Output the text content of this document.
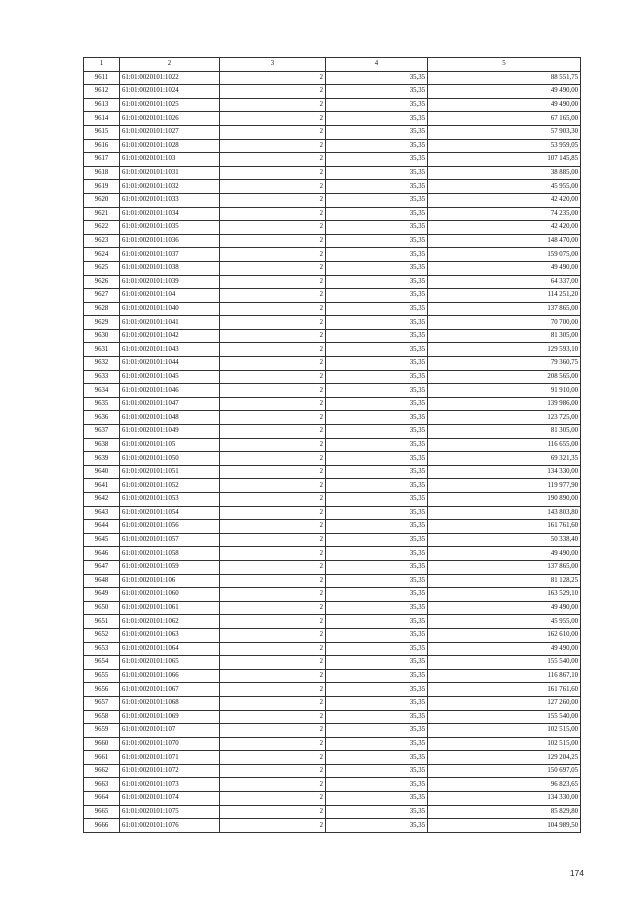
1	2	3	4	5
9611	61:01:0020101:1022	2	35,35	88 551,75
9612	61:01:0020101:1024	2	35,35	49 490,00
9613	61:01:0020101:1025	2	35,35	49 490,00
9614	61:01:0020101:1026	2	35,35	67 165,00
9615	61:01:0020101:1027	2	35,35	57 903,30
9616	61:01:0020101:1028	2	35,35	53 959,05
9617	61:01:0020101:103	2	35,35	107 145,85
9618	61:01:0020101:1031	2	35,35	38 885,00
9619	61:01:0020101:1032	2	35,35	45 955,00
9620	61:01:0020101:1033	2	35,35	42 420,00
9621	61:01:0020101:1034	2	35,35	74 235,00
9622	61:01:0020101:1035	2	35,35	42 420,00
9623	61:01:0020101:1036	2	35,35	148 470,00
9624	61:01:0020101:1037	2	35,35	159 075,00
9625	61:01:0020101:1038	2	35,35	49 490,00
9626	61:01:0020101:1039	2	35,35	64 337,00
9627	61:01:0020101:104	2	35,35	114 251,20
9628	61:01:0020101:1040	2	35,35	137 865,00
9629	61:01:0020101:1041	2	35,35	70 700,00
9630	61:01:0020101:1042	2	35,35	81 305,00
9631	61:01:0020101:1043	2	35,35	129 593,10
9632	61:01:0020101:1044	2	35,35	79 360,75
9633	61:01:0020101:1045	2	35,35	208 565,00
9634	61:01:0020101:1046	2	35,35	91 910,00
9635	61:01:0020101:1047	2	35,35	139 986,00
9636	61:01:0020101:1048	2	35,35	123 725,00
9637	61:01:0020101:1049	2	35,35	81 305,00
9638	61:01:0020101:105	2	35,35	116 655,00
9639	61:01:0020101:1050	2	35,35	69 321,35
9640	61:01:0020101:1051	2	35,35	134 330,00
9641	61:01:0020101:1052	2	35,35	119 977,90
9642	61:01:0020101:1053	2	35,35	190 890,00
9643	61:01:0020101:1054	2	35,35	143 803,80
9644	61:01:0020101:1056	2	35,35	161 761,60
9645	61:01:0020101:1057	2	35,35	50 338,40
9646	61:01:0020101:1058	2	35,35	49 490,00
9647	61:01:0020101:1059	2	35,35	137 865,00
9648	61:01:0020101:106	2	35,35	81 128,25
9649	61:01:0020101:1060	2	35,35	163 529,10
9650	61:01:0020101:1061	2	35,35	49 490,00
9651	61:01:0020101:1062	2	35,35	45 955,00
9652	61:01:0020101:1063	2	35,35	162 610,00
9653	61:01:0020101:1064	2	35,35	49 490,00
9654	61:01:0020101:1065	2	35,35	155 540,00
9655	61:01:0020101:1066	2	35,35	116 867,10
9656	61:01:0020101:1067	2	35,35	161 761,60
9657	61:01:0020101:1068	2	35,35	127 260,00
9658	61:01:0020101:1069	2	35,35	155 540,00
9659	61:01:0020101:107	2	35,35	102 515,00
9660	61:01:0020101:1070	2	35,35	102 515,00
9661	61:01:0020101:1071	2	35,35	129 204,25
9662	61:01:0020101:1072	2	35,35	150 697,05
9663	61:01:0020101:1073	2	35,35	96 823,65
9664	61:01:0020101:1074	2	35,35	134 330,00
9665	61:01:0020101:1075	2	35,35	85 829,80
9666	61:01:0020101:1076	2	35,35	104 989,50
174
